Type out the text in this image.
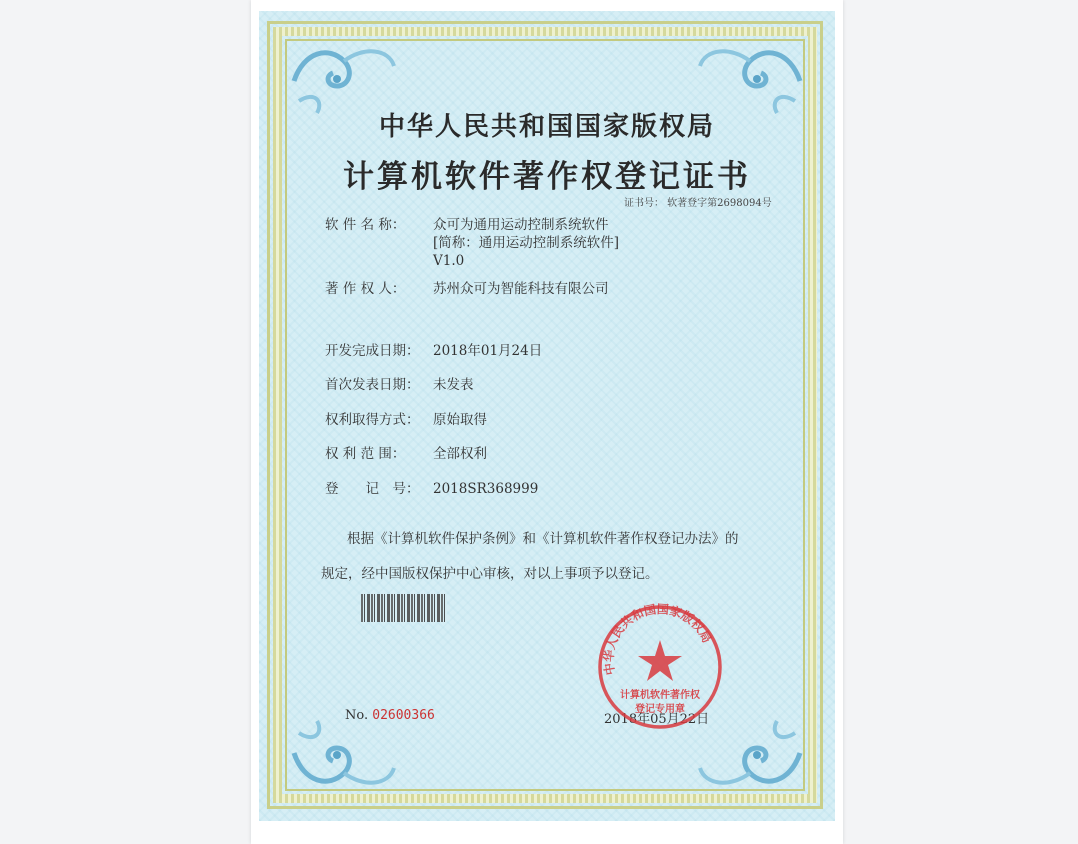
中华人民共和国国家版权局
计算机软件著作权登记证书
证书号： 软著登字第2698094号
软 件 名 称： 众可为通用运动控制系统软件
[简称：通用运动控制系统软件]
V1.0
著 作 权 人： 苏州众可为智能科技有限公司
开发完成日期： 2018年01月24日
首次发表日期： 未发表
权利取得方式： 原始取得
权 利 范 围： 全部权利
登　　记　号： 2018SR368999
根据《计算机软件保护条例》和《计算机软件著作权登记办法》的
规定，经中国版权保护中心审核，对以上事项予以登记。
No. 02600366	2018年05月22日
中华人民共和国国家版权局
计算机软件著作权
登记专用章
